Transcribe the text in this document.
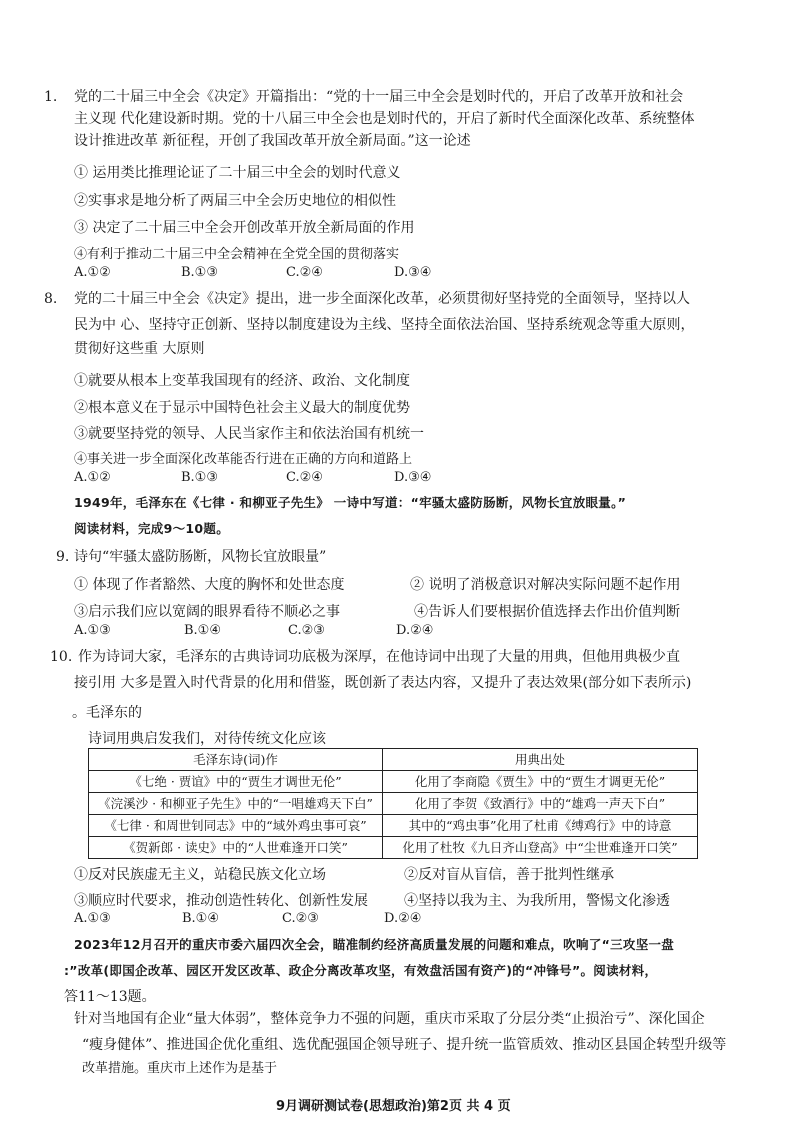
1. 党的二十届三中全会《决定》开篇指出：“党的十一届三中全会是划时代的，开启了改革开放和社会
主义现 代化建设新时期。党的十八届三中全会也是划时代的，开启了新时代全面深化改革、系统整体
设计推进改革 新征程，开创了我国改革开放全新局面。”这一论述
① 运用类比推理论证了二十届三中全会的划时代意义
②实事求是地分析了两届三中全会历史地位的相似性
③ 决定了二十届三中全会开创改革开放全新局面的作用
④有利于推动二十届三中全会精神在全党全国的贯彻落实
A.①②	B.①③	C.②④	D.③④
8. 党的二十届三中全会《决定》提出，进一步全面深化改革，必须贯彻好坚持党的全面领导，坚持以人
民为中 心、坚持守正创新、坚持以制度建设为主线、坚持全面依法治国、坚持系统观念等重大原则，
贯彻好这些重 大原则
①就要从根本上变革我国现有的经济、政治、文化制度
②根本意义在于显示中国特色社会主义最大的制度优势
③就要坚持党的领导、人民当家作主和依法治国有机统一
④事关进一步全面深化改革能否行进在正确的方向和道路上
A.①②	B.①③	C.②④	D.③④
1949年，毛泽东在《七律 · 和柳亚子先生》 一诗中写道：“牢骚太盛防肠断，风物长宜放眼量。”
阅读材料，完成9～10题。
9. 诗句“牢骚太盛防肠断，风物长宜放眼量”
① 体现了作者豁然、大度的胸怀和处世态度	② 说明了消极意识对解决实际问题不起作用
③启示我们应以宽阔的眼界看待不顺必之事	④告诉人们要根据价值选择去作出价值判断
A.①③	B.①④	C.②③	D.②④
10. 作为诗词大家，毛泽东的古典诗词功底极为深厚，在他诗词中出现了大量的用典，但他用典极少直
接引用 大多是置入时代背景的化用和借鉴，既创新了表达内容，又提升了表达效果(部分如下表所示)
。毛泽东的
诗词用典启发我们，对待传统文化应该
毛泽东诗(词)作	用典出处
《七绝 · 贾谊》中的“贾生才调世无伦”	化用了李商隐《贾生》中的“贾生才调更无伦”
《浣溪沙 · 和柳亚子先生》中的“一唱雄鸡天下白”	化用了李贺《致酒行》中的“雄鸡一声天下白”
《七律 · 和周世钊同志》中的“域外鸡虫事可哀”	其中的“鸡虫事”化用了杜甫《缚鸡行》中的诗意
《贺新郎 · 读史》中的“人世难逢开口笑”	化用了杜牧《九日齐山登高》中“尘世难逢开口笑”
①反对民族虚无主义，站稳民族文化立场	②反对盲从盲信，善于批判性继承
③顺应时代要求，推动创造性转化、创新性发展	④坚持以我为主、为我所用，警惕文化渗透
A.①③	B.①④	C.②③	D.②④
2023年12月召开的重庆市委六届四次全会，瞄准制约经济高质量发展的问题和难点，吹响了“三攻坚一盘
:”改革(即国企改革、园区开发区改革、政企分离改革攻坚，有效盘活国有资产)的“冲锋号”。阅读材料，
答11～13题。
针对当地国有企业“量大体弱”，整体竞争力不强的问题，重庆市采取了分层分类“止损治亏”、深化国企
“瘦身健体”、推进国企优化重组、选优配强国企领导班子、提升统一监管质效、推动区县国企转型升级等
改革措施。重庆市上述作为是基于
9月调研测试卷(思想政治)第2页 共 4 页
